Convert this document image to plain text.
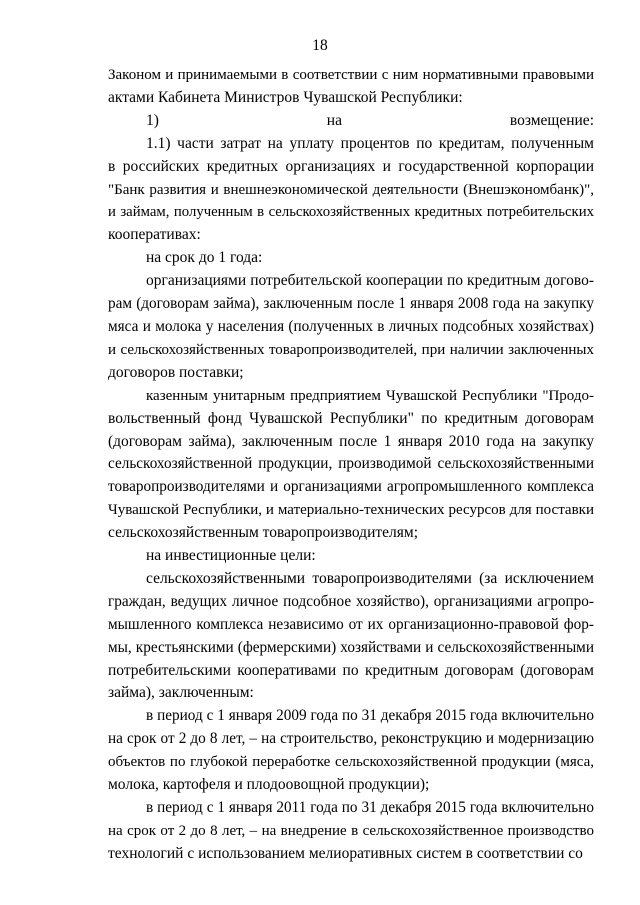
18
Законом и принимаемыми в соответствии с ним нормативными правовыми
актами Кабинета Министров Чувашской Республики:
1) на возмещение:
1.1) части затрат на уплату процентов по кредитам, полученным
в российских кредитных организациях и государственной корпорации
"Банк развития и внешнеэкономической деятельности (Внешэкономбанк)",
и займам, полученным в сельскохозяйственных кредитных потребительских
кооперативах:
на срок до 1 года:
организациями потребительской кооперации по кредитным догово-
рам (договорам займа), заключенным после 1 января 2008 года на закупку
мяса и молока у населения (полученных в личных подсобных хозяйствах)
и сельскохозяйственных товаропроизводителей, при наличии заключенных
договоров поставки;
казенным унитарным предприятием Чувашской Республики "Продо-
вольственный фонд Чувашской Республики" по кредитным договорам
(договорам займа), заключенным после 1 января 2010 года на закупку
сельскохозяйственной продукции, производимой сельскохозяйственными
товаропроизводителями и организациями агропромышленного комплекса
Чувашской Республики, и материально-технических ресурсов для поставки
сельскохозяйственным товаропроизводителям;
на инвестиционные цели:
сельскохозяйственными товаропроизводителями (за исключением
граждан, ведущих личное подсобное хозяйство), организациями агропро-
мышленного комплекса независимо от их организационно-правовой фор-
мы, крестьянскими (фермерскими) хозяйствами и сельскохозяйственными
потребительскими кооперативами по кредитным договорам (договорам
займа), заключенным:
в период с 1 января 2009 года по 31 декабря 2015 года включительно
на срок от 2 до 8 лет, – на строительство, реконструкцию и модернизацию
объектов по глубокой переработке сельскохозяйственной продукции (мяса,
молока, картофеля и плодоовощной продукции);
в период с 1 января 2011 года по 31 декабря 2015 года включительно
на срок от 2 до 8 лет, – на внедрение в сельскохозяйственное производство
технологий с использованием мелиоративных систем в соответствии со
